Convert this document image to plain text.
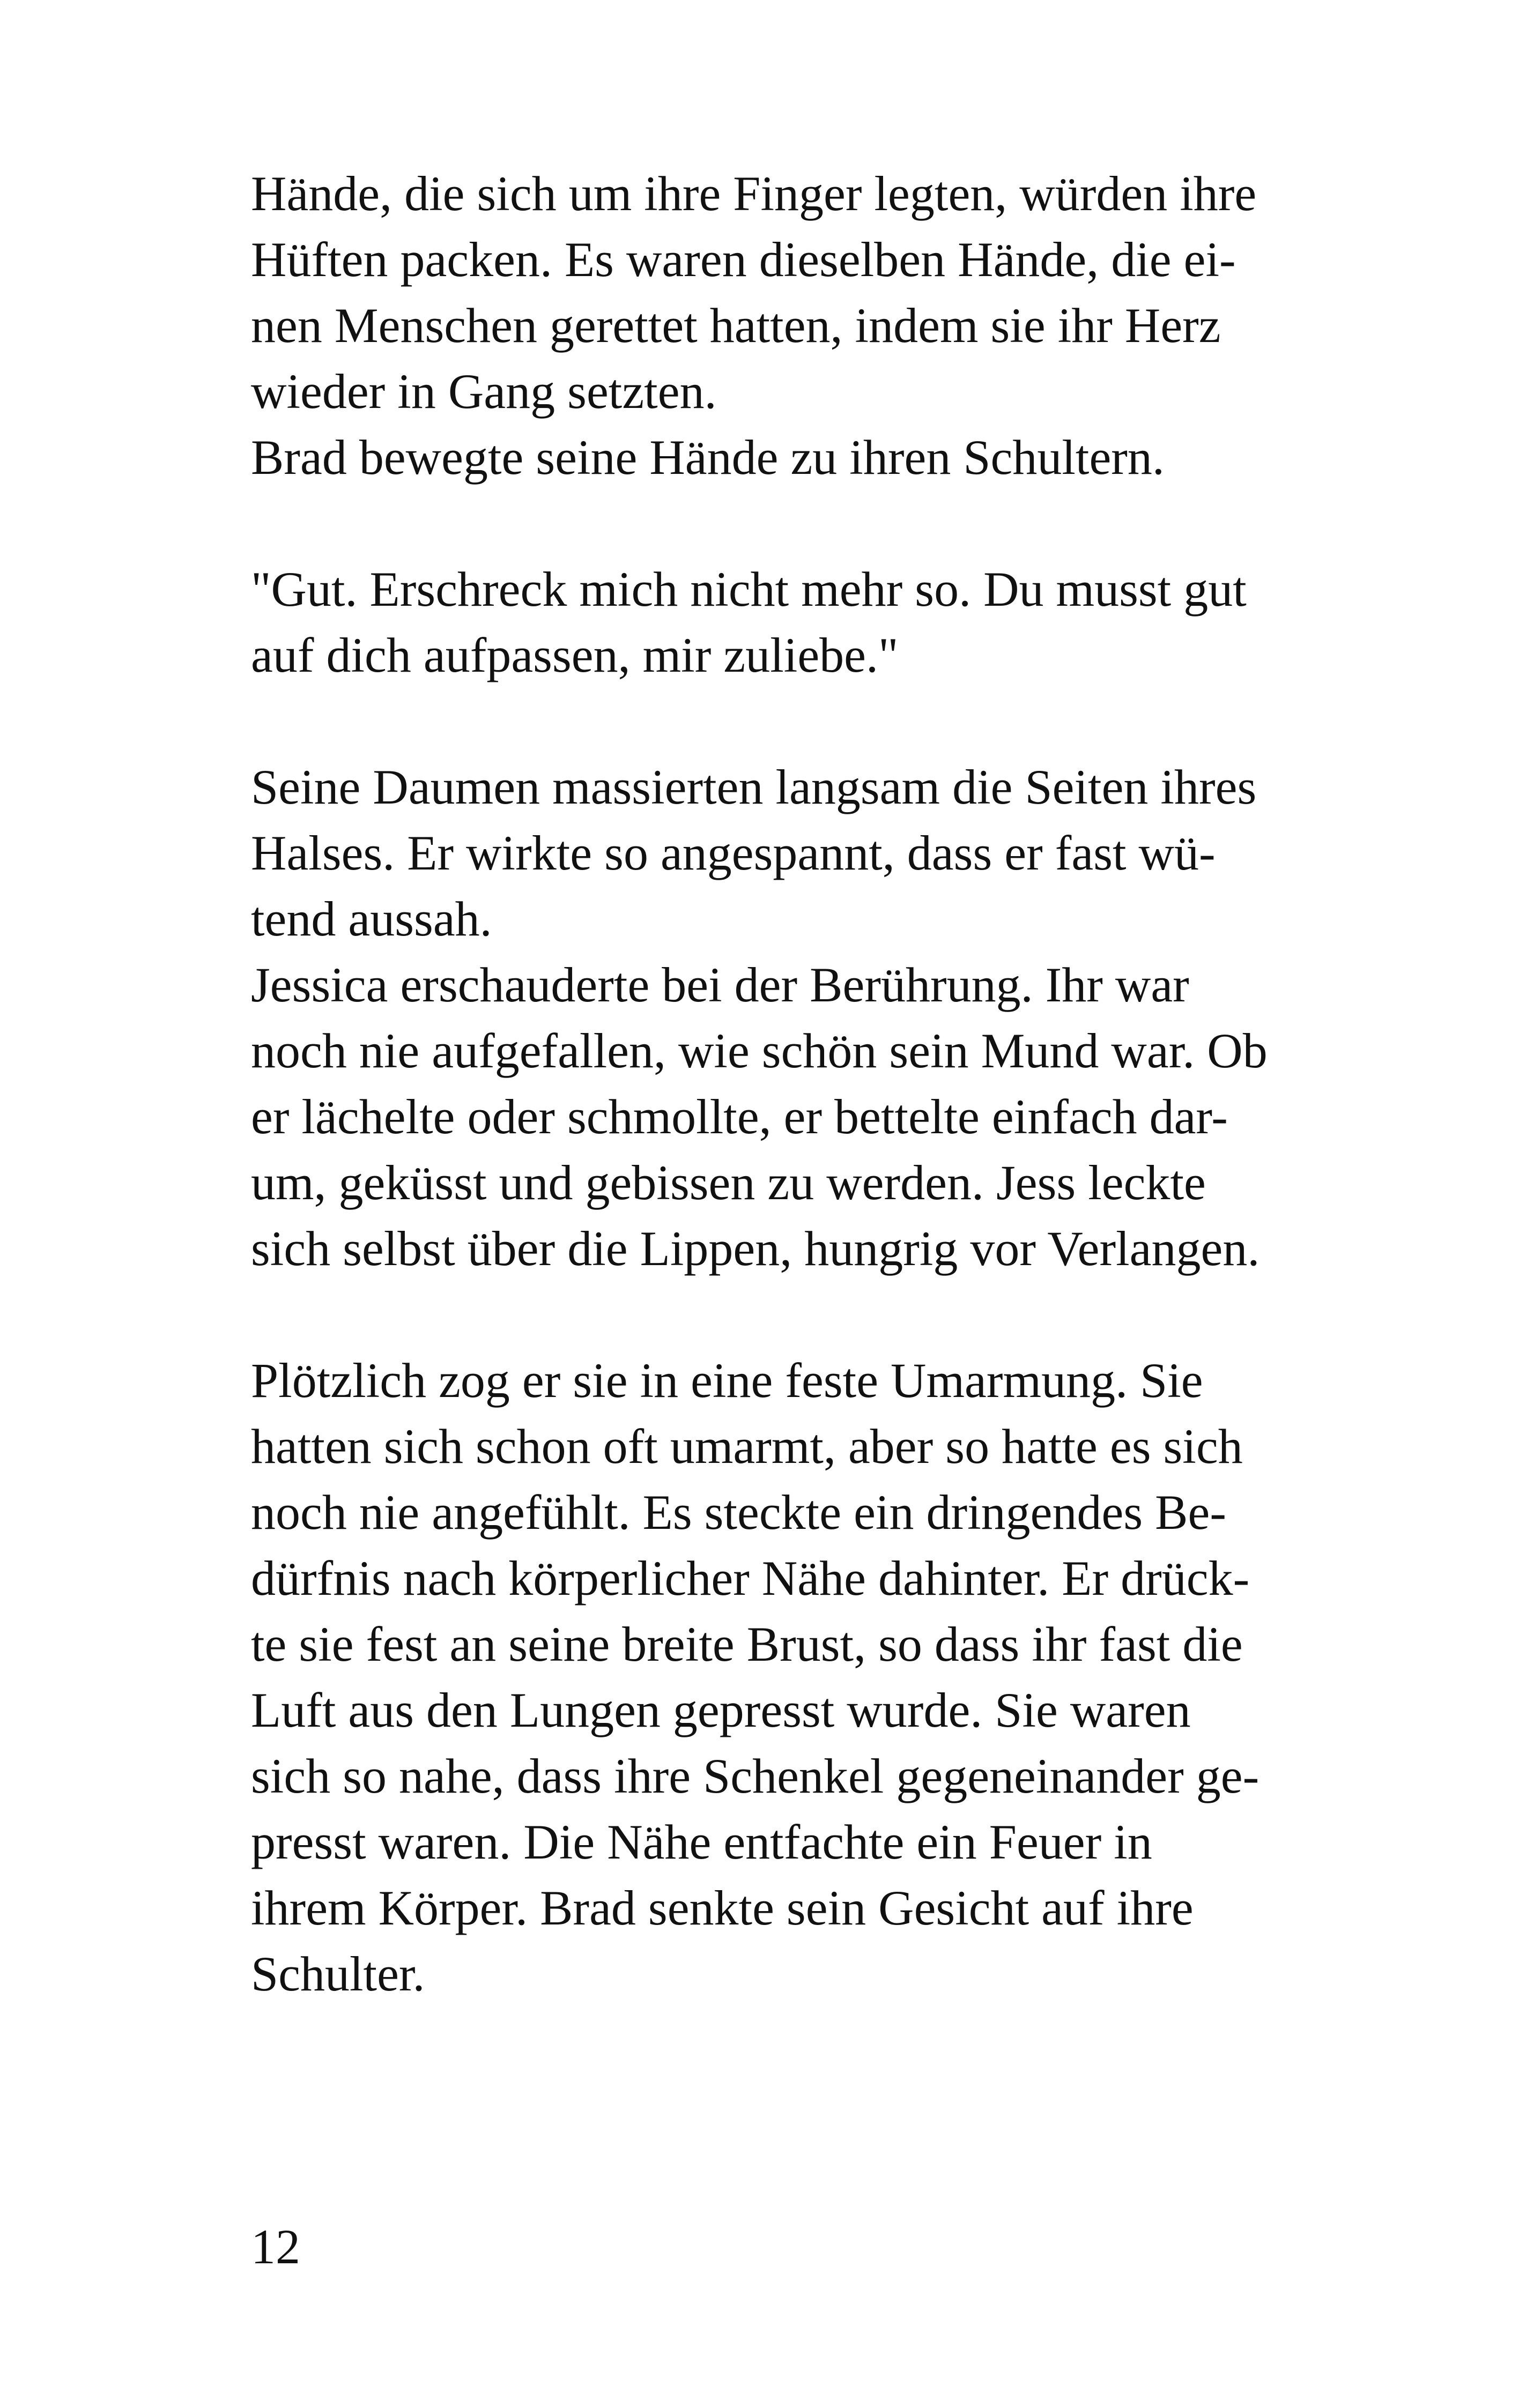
Hände, die sich um ihre Finger legten, würden ihre
Hüften packen. Es waren dieselben Hände, die ei-
nen Menschen gerettet hatten, indem sie ihr Herz
wieder in Gang setzten.
Brad bewegte seine Hände zu ihren Schultern.

"Gut. Erschreck mich nicht mehr so. Du musst gut
auf dich aufpassen, mir zuliebe."

Seine Daumen massierten langsam die Seiten ihres
Halses. Er wirkte so angespannt, dass er fast wü-
tend aussah.
Jessica erschauderte bei der Berührung. Ihr war
noch nie aufgefallen, wie schön sein Mund war. Ob
er lächelte oder schmollte, er bettelte einfach dar-
um, geküsst und gebissen zu werden. Jess leckte
sich selbst über die Lippen, hungrig vor Verlangen.

Plötzlich zog er sie in eine feste Umarmung. Sie
hatten sich schon oft umarmt, aber so hatte es sich
noch nie angefühlt. Es steckte ein dringendes Be-
dürfnis nach körperlicher Nähe dahinter. Er drück-
te sie fest an seine breite Brust, so dass ihr fast die
Luft aus den Lungen gepresst wurde. Sie waren
sich so nahe, dass ihre Schenkel gegeneinander ge-
presst waren. Die Nähe entfachte ein Feuer in
ihrem Körper. Brad senkte sein Gesicht auf ihre
Schulter.

12
